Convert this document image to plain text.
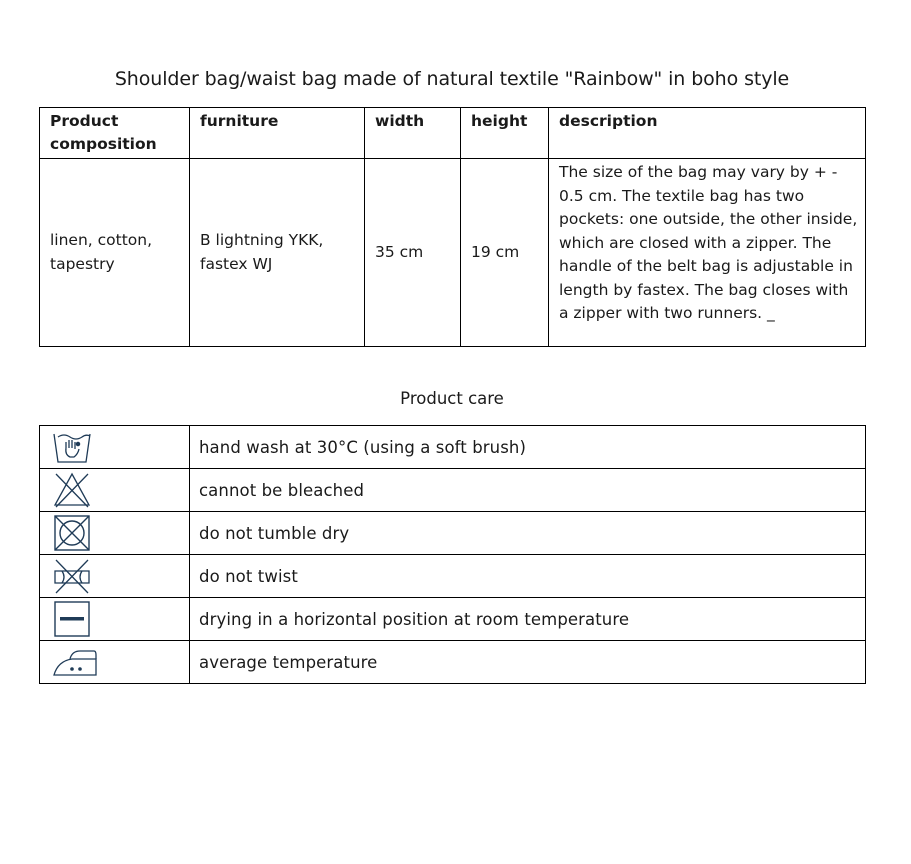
Shoulder bag/waist bag made of natural textile "Rainbow" in boho style
Product composition	furniture	width	height	description
linen, cotton, tapestry	B lightning YKK, fastex WJ	35 cm	19 cm	The size of the bag may vary by + - 0.5 cm. The textile bag has two pockets: one outside, the other inside, which are closed with a zipper. The handle of the belt bag is adjustable in length by fastex. The bag closes with a zipper with two runners. _
Product care
	hand wash at 30°C (using a soft brush)

	cannot be bleached

	do not tumble dry

	do not twist

	drying in a horizontal position at room temperature

	average temperature
